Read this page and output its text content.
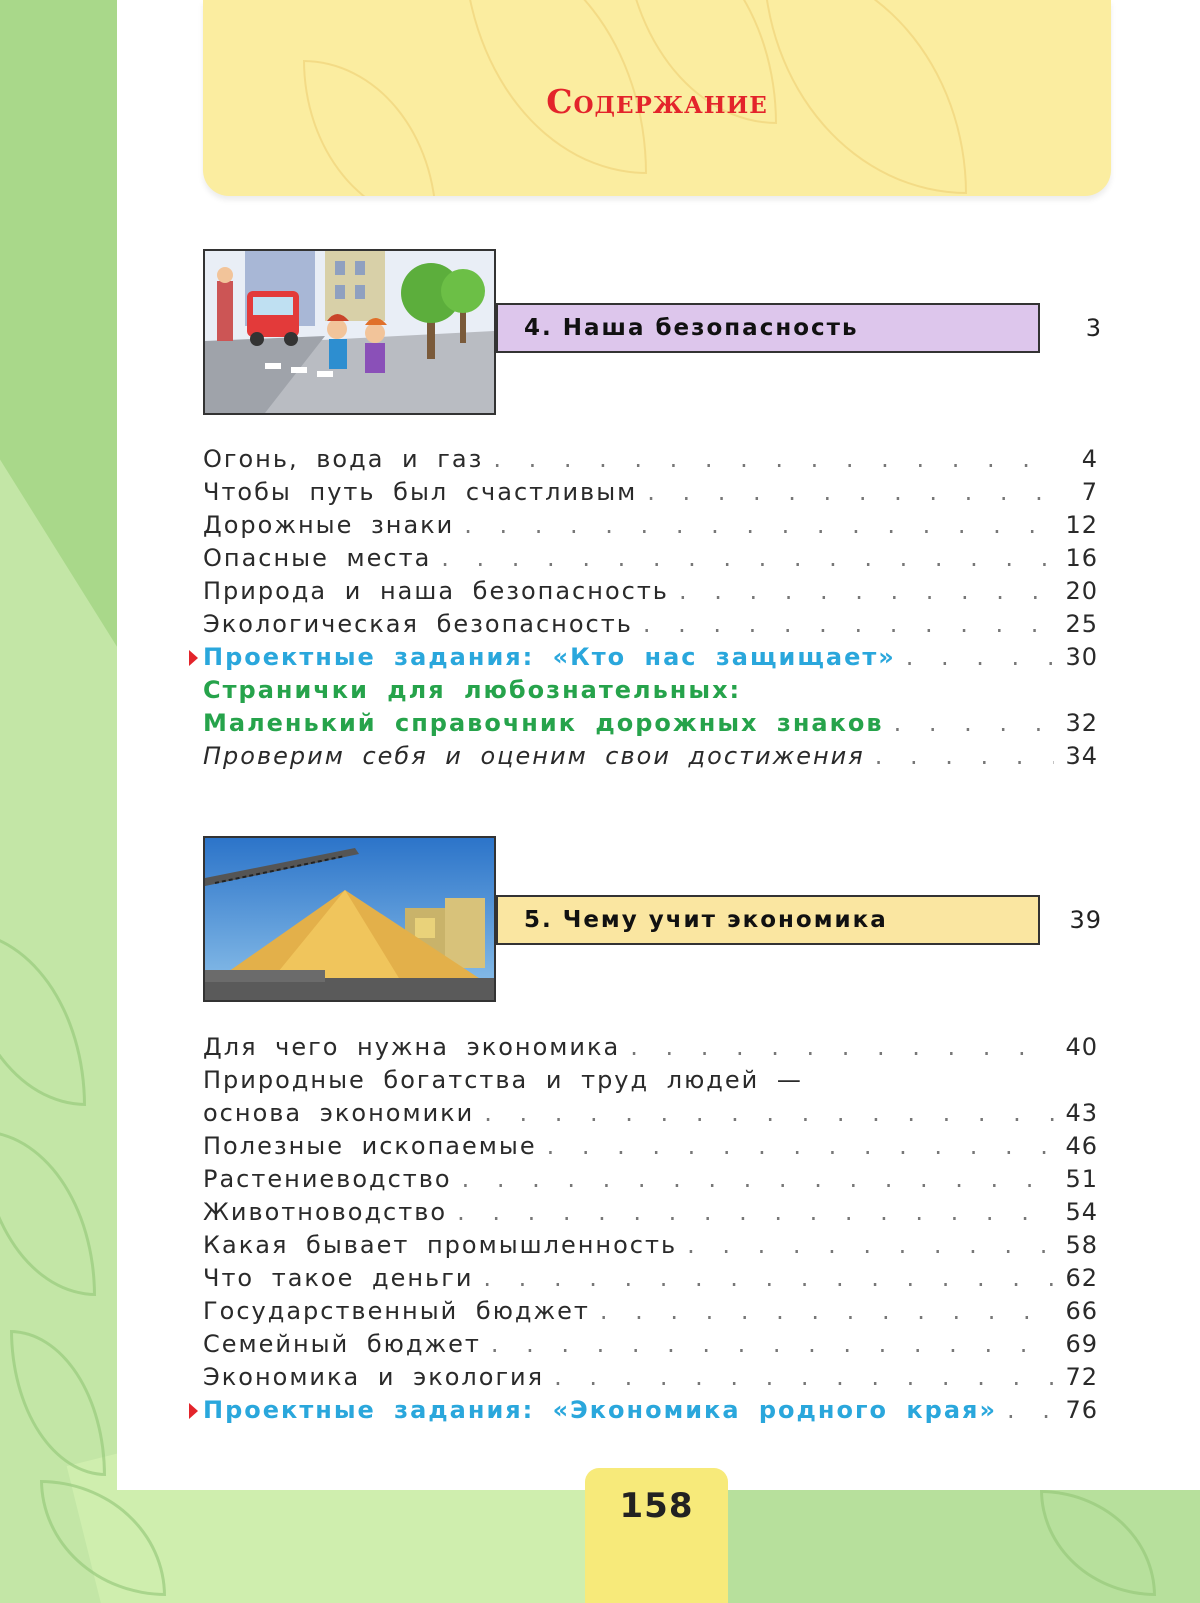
Содержание
4. Наша безопасность	3
Огонь, вода и газ . . .	4
Чтобы путь был счастливым . . .	7
Дорожные знаки . . .	12
Опасные места . . .	16
Природа и наша безопасность . . .	20
Экологическая безопасность . . .	25
Проектные задания: «Кто нас защищает» . . .	30
Странички для любознательных:
Маленький справочник дорожных знаков . . .	32
Проверим себя и оценим свои достижения . . .	34
5. Чему учит экономика	39
Для чего нужна экономика . . .	40
Природные богатства и труд людей —
основа экономики . . .	43
Полезные ископаемые . . .	46
Растениеводство . . .	51
Животноводство . . .	54
Какая бывает промышленность . . .	58
Что такое деньги . . .	62
Государственный бюджет . . .	66
Семейный бюджет . . .	69
Экономика и экология . . .	72
Проектные задания: «Экономика родного края» . . .	76
158
